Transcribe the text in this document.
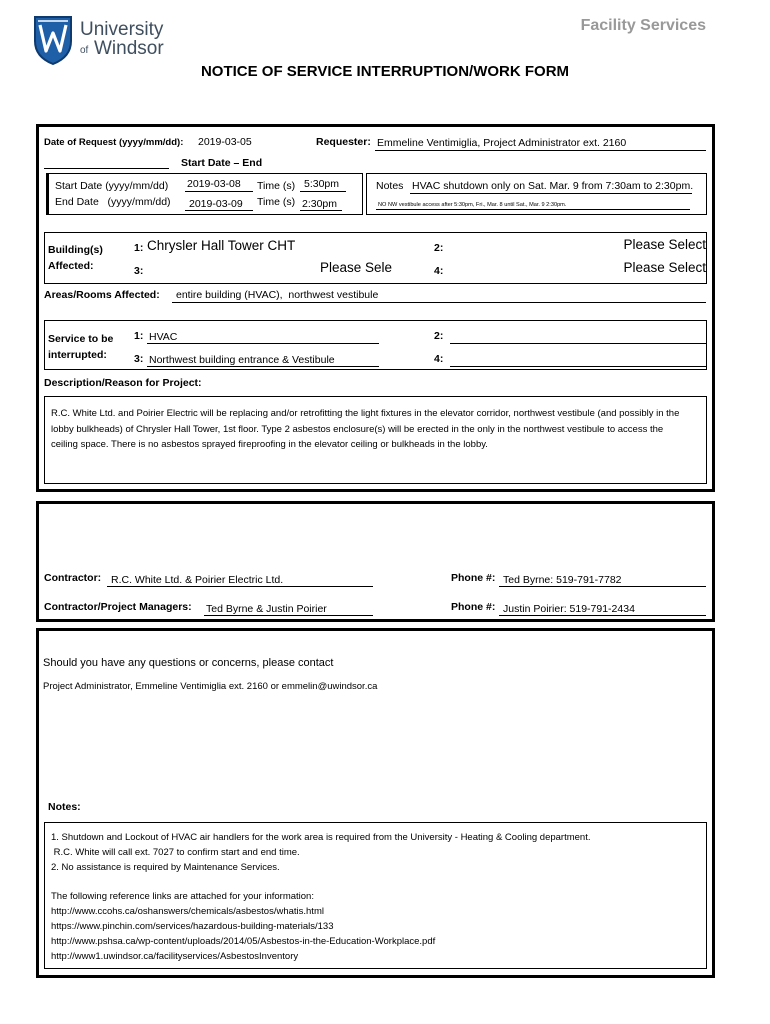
University
of Windsor
Facility Services
NOTICE OF SERVICE INTERRUPTION/WORK FORM
Date of Request (yyyy/mm/dd): 2019-03-05	Requester: Emmeline Ventimiglia, Project Administrator ext. 2160
Start Date – End
Start Date (yyyy/mm/dd) 2019-03-08 Time (s) 5:30pm
End Date   (yyyy/mm/dd) 2019-03-09 Time (s) 2:30pm
Notes HVAC shutdown only on Sat. Mar. 9 from 7:30am to 2:30pm.
NO NW vestibule access after 5:30pm, Fri., Mar. 8 until Sat., Mar. 9 2:30pm.
Building(s)
Affected:
1: Chrysler Hall Tower CHT	2:	Please Select
3:	Please Sele	4:	Please Select
Areas/Rooms Affected: entire building (HVAC),  northwest vestibule
Service to be
interrupted:
1: HVAC	2:
3: Northwest building entrance & Vestibule	4:
Description/Reason for Project:
R.C. White Ltd. and Poirier Electric will be replacing and/or retrofitting the light fixtures in the elevator corridor, northwest vestibule (and possibly in the lobby bulkheads) of Chrysler Hall Tower, 1st floor. Type 2 asbestos enclosure(s) will be erected in the only in the northwest vestibule to access the ceiling space. There is no asbestos sprayed fireproofing in the elevator ceiling or bulkheads in the lobby.
Contractor: R.C. White Ltd. & Poirier Electric Ltd.	Phone #: Ted Byrne: 519-791-7782
Contractor/Project Managers: Ted Byrne & Justin Poirier	Phone #: Justin Poirier: 519-791-2434
Should you have any questions or concerns, please contact
Project Administrator, Emmeline Ventimiglia ext. 2160 or emmelin@uwindsor.ca
Notes:
1. Shutdown and Lockout of HVAC air handlers for the work area is required from the University - Heating & Cooling department.
R.C. White will call ext. 7027 to confirm start and end time.
2. No assistance is required by Maintenance Services.
The following reference links are attached for your information:
http://www.ccohs.ca/oshanswers/chemicals/asbestos/whatis.html
https://www.pinchin.com/services/hazardous-building-materials/133
http://www.pshsa.ca/wp-content/uploads/2014/05/Asbestos-in-the-Education-Workplace.pdf
http://www1.uwindsor.ca/facilityservices/AsbestosInventory
